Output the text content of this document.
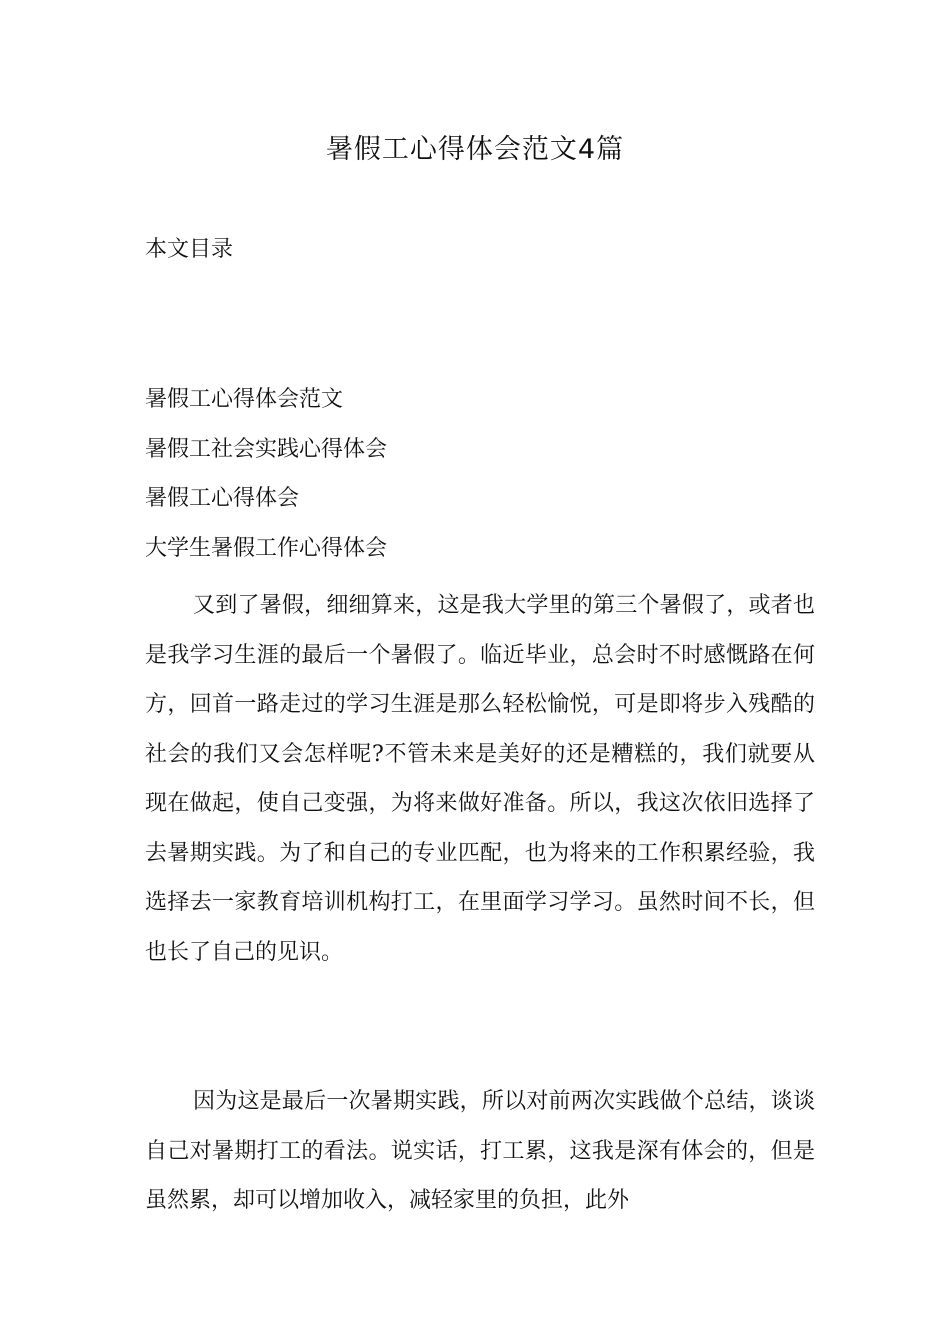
暑假工心得体会范文4篇
本文目录
暑假工心得体会范文
暑假工社会实践心得体会
暑假工心得体会
大学生暑假工作心得体会

又到了暑假，细细算来，这是我大学里的第三个暑假了，或者也是我学习生涯的最后一个暑假了。临近毕业，总会时不时感慨路在何方，回首一路走过的学习生涯是那么轻松愉悦，可是即将步入残酷的社会的我们又会怎样呢?不管未来是美好的还是糟糕的，我们就要从现在做起，使自己变强，为将来做好准备。所以，我这次依旧选择了去暑期实践。为了和自己的专业匹配，也为将来的工作积累经验，我选择去一家教育培训机构打工，在里面学习学习。虽然时间不长，但也长了自己的见识。

因为这是最后一次暑期实践，所以对前两次实践做个总结，谈谈自己对暑期打工的看法。说实话，打工累，这我是深有体会的，但是虽然累，却可以增加收入，减轻家里的负担，此外
